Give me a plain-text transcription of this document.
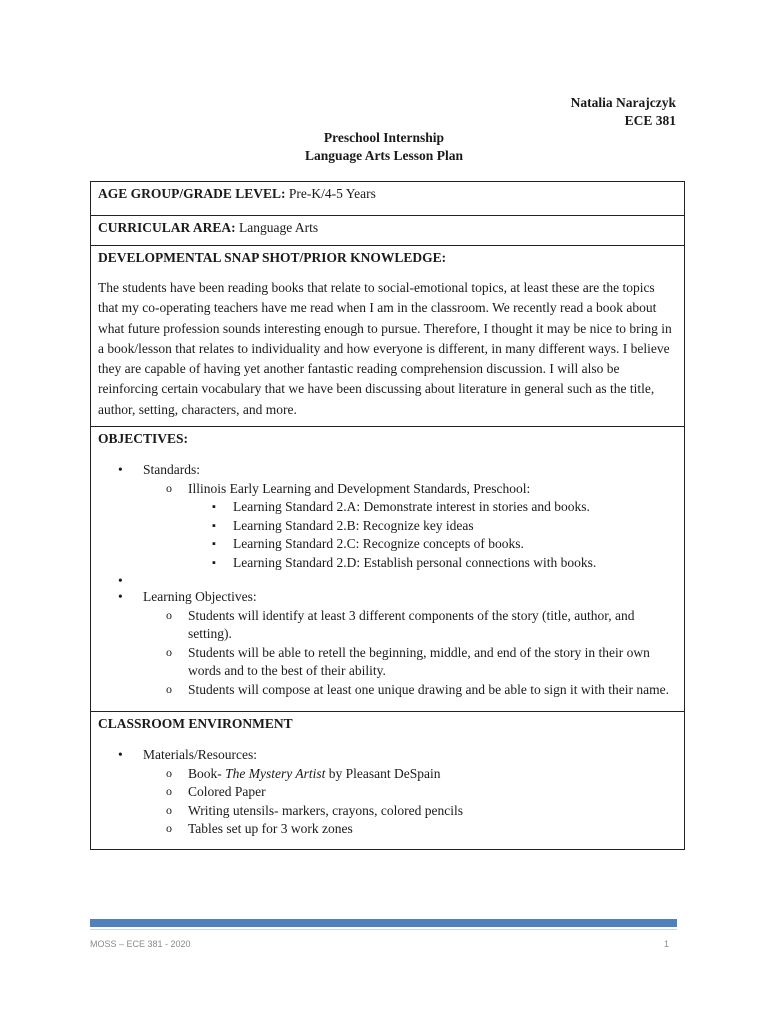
Natalia Narajczyk
ECE 381
Preschool Internship
Language Arts Lesson Plan
AGE GROUP/GRADE LEVEL: Pre-K/4-5 Years
CURRICULAR AREA: Language Arts
DEVELOPMENTAL SNAP SHOT/PRIOR KNOWLEDGE:
The students have been reading books that relate to social-emotional topics, at least these are the topics that my co-operating teachers have me read when I am in the classroom. We recently read a book about what future profession sounds interesting enough to pursue. Therefore, I thought it may be nice to bring in a book/lesson that relates to individuality and how everyone is different, in many different ways. I believe they are capable of having yet another fantastic reading comprehension discussion. I will also be reinforcing certain vocabulary that we have been discussing about literature in general such as the title, author, setting, characters, and more.
OBJECTIVES:
• Standards:
o Illinois Early Learning and Development Standards, Preschool:
▪ Learning Standard 2.A: Demonstrate interest in stories and books.
▪ Learning Standard 2.B: Recognize key ideas
▪ Learning Standard 2.C: Recognize concepts of books.
▪ Learning Standard 2.D: Establish personal connections with books.
•
• Learning Objectives:
o Students will identify at least 3 different components of the story (title, author, and setting).
o Students will be able to retell the beginning, middle, and end of the story in their own words and to the best of their ability.
o Students will compose at least one unique drawing and be able to sign it with their name.
CLASSROOM ENVIRONMENT
• Materials/Resources:
o Book- The Mystery Artist by Pleasant DeSpain
o Colored Paper
o Writing utensils- markers, crayons, colored pencils
o Tables set up for 3 work zones
MOSS – ECE 381 - 2020	1
